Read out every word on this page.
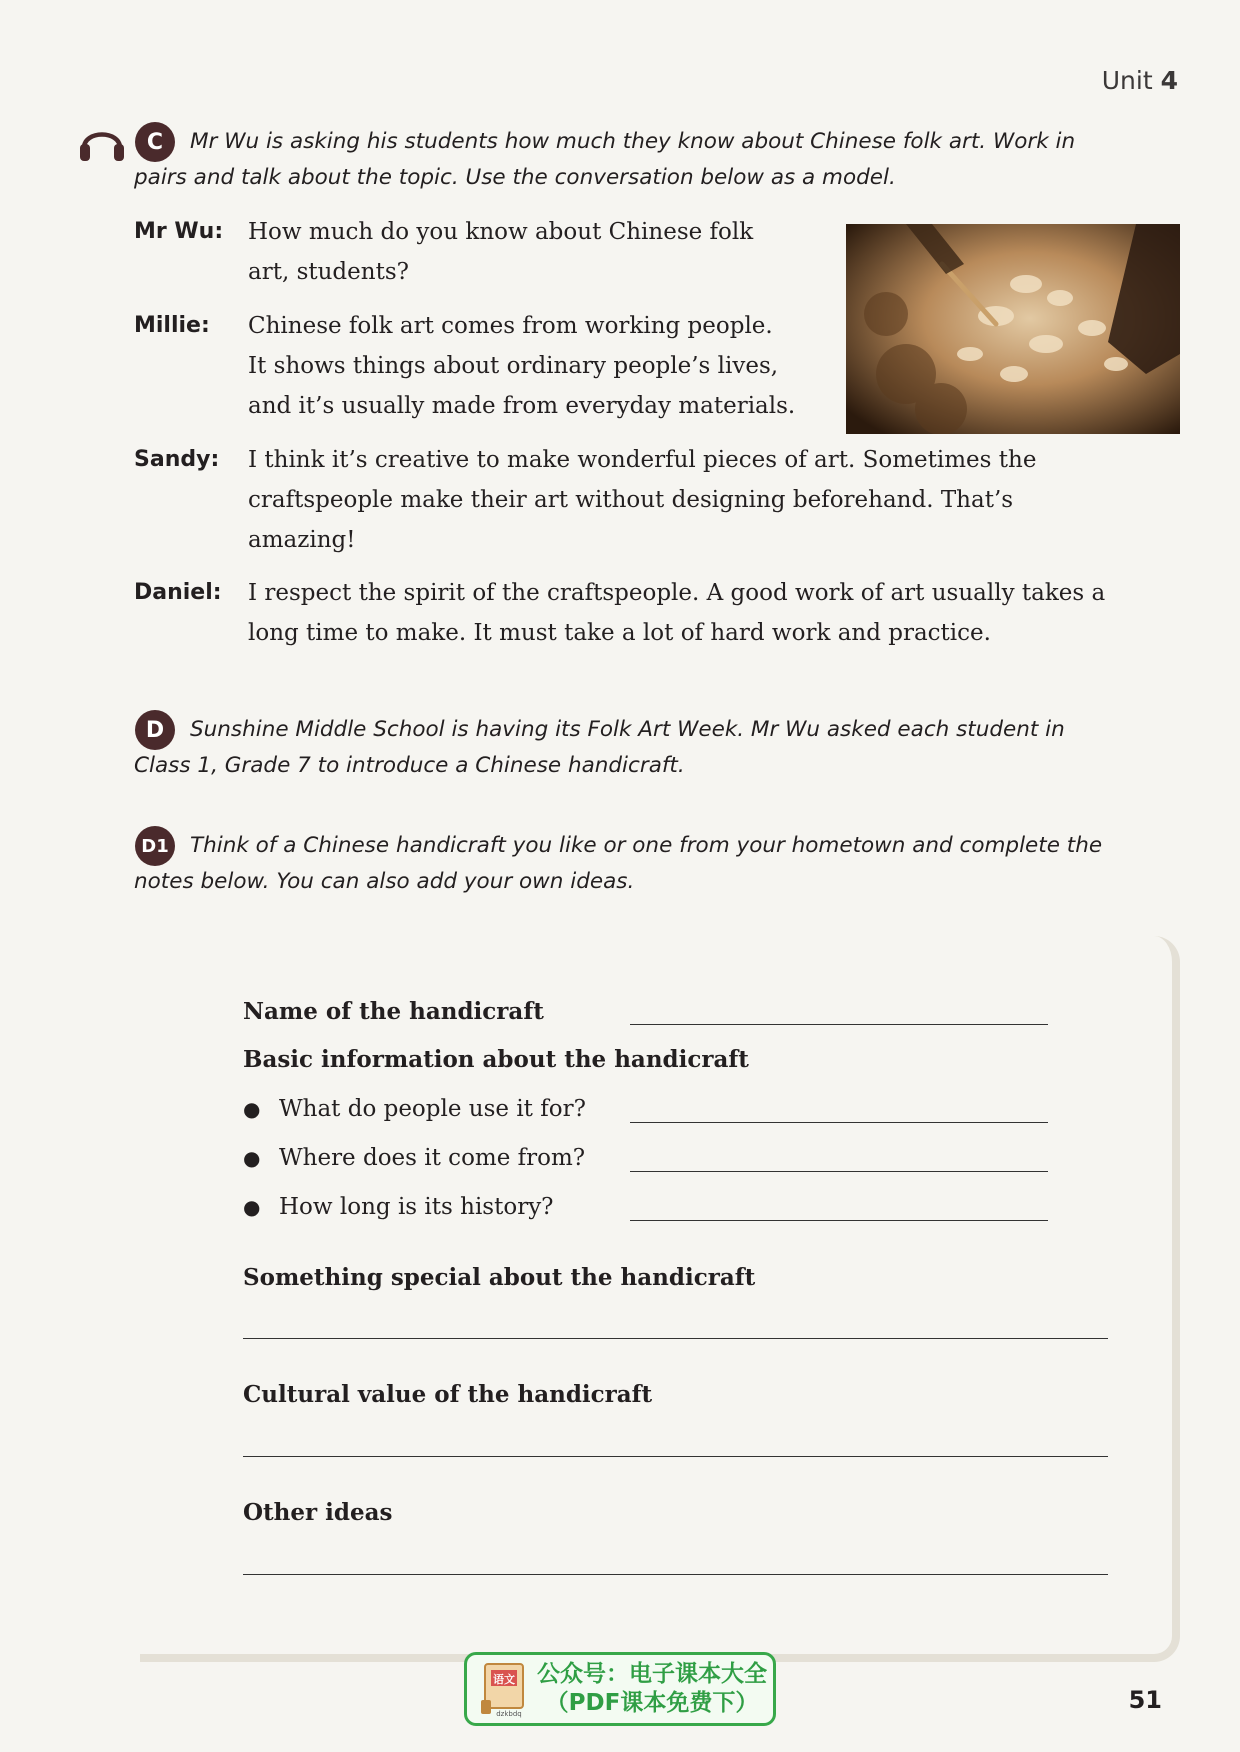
Unit 4
C	Mr Wu is asking his students how much they know about Chinese folk art. Work in
pairs and talk about the topic. Use the conversation below as a model.
Mr Wu: How much do you know about Chinese folk
art, students?
Millie: Chinese folk art comes from working people.
It shows things about ordinary people’s lives,
and it’s usually made from everyday materials.
Sandy: I think it’s creative to make wonderful pieces of art. Sometimes the
craftspeople make their art without designing beforehand. That’s
amazing!
Daniel: I respect the spirit of the craftspeople. A good work of art usually takes a
long time to make. It must take a lot of hard work and practice.
D	Sunshine Middle School is having its Folk Art Week. Mr Wu asked each student in
Class 1, Grade 7 to introduce a Chinese handicraft.
D1 Think of a Chinese handicraft you like or one from your hometown and complete the
notes below. You can also add your own ideas.
Name of the handicraft
Basic information about the handicraft
● What do people use it for?
● Where does it come from?
● How long is its history?
Something special about the handicraft
Cultural value of the handicraft
Other ideas
语文
dzkbdq
公众号：电子课本大全
（PDF课本免费下）	51
